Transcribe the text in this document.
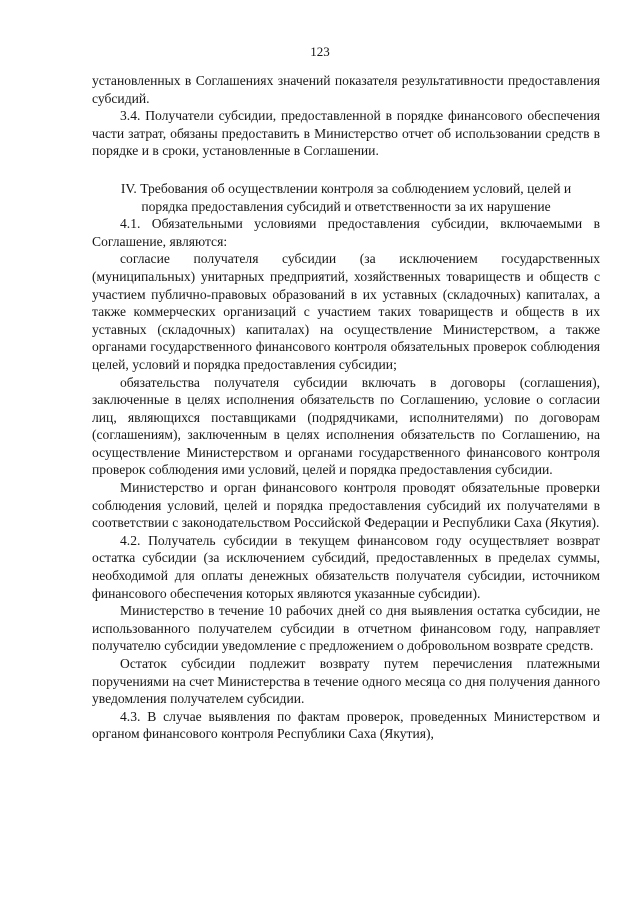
123

установленных в Соглашениях значений показателя результативности предоставления субсидий.

3.4. Получатели субсидии, предоставленной в порядке финансового обеспечения части затрат, обязаны предоставить в Министерство отчет об использовании средств в порядке и в сроки, установленные в Соглашении.

IV. Требования об осуществлении контроля за соблюдением условий, целей и порядка предоставления субсидий и ответственности за их нарушение

4.1. Обязательными условиями предоставления субсидии, включаемыми в Соглашение, являются:

согласие получателя субсидии (за исключением государственных (муниципальных) унитарных предприятий, хозяйственных товариществ и обществ с участием публично-правовых образований в их уставных (складочных) капиталах, а также коммерческих организаций с участием таких товариществ и обществ в их уставных (складочных) капиталах) на осуществление Министерством, а также органами государственного финансового контроля обязательных проверок соблюдения целей, условий и порядка предоставления субсидии;

обязательства получателя субсидии включать в договоры (соглашения), заключенные в целях исполнения обязательств по Соглашению, условие о согласии лиц, являющихся поставщиками (подрядчиками, исполнителями) по договорам (соглашениям), заключенным в целях исполнения обязательств по Соглашению, на осуществление Министерством и органами государственного финансового контроля проверок соблюдения ими условий, целей и порядка предоставления субсидии.

Министерство и орган финансового контроля проводят обязательные проверки соблюдения условий, целей и порядка предоставления субсидий их получателями в соответствии с законодательством Российской Федерации и Республики Саха (Якутия).

4.2. Получатель субсидии в текущем финансовом году осуществляет возврат остатка субсидии (за исключением субсидий, предоставленных в пределах суммы, необходимой для оплаты денежных обязательств получателя субсидии, источником финансового обеспечения которых являются указанные субсидии).

Министерство в течение 10 рабочих дней со дня выявления остатка субсидии, не использованного получателем субсидии в отчетном финансовом году, направляет получателю субсидии уведомление с предложением о добровольном возврате средств.

Остаток субсидии подлежит возврату путем перечисления платежными поручениями на счет Министерства в течение одного месяца со дня получения данного уведомления получателем субсидии.

4.3. В случае выявления по фактам проверок, проведенных Министерством и органом финансового контроля Республики Саха (Якутия),
